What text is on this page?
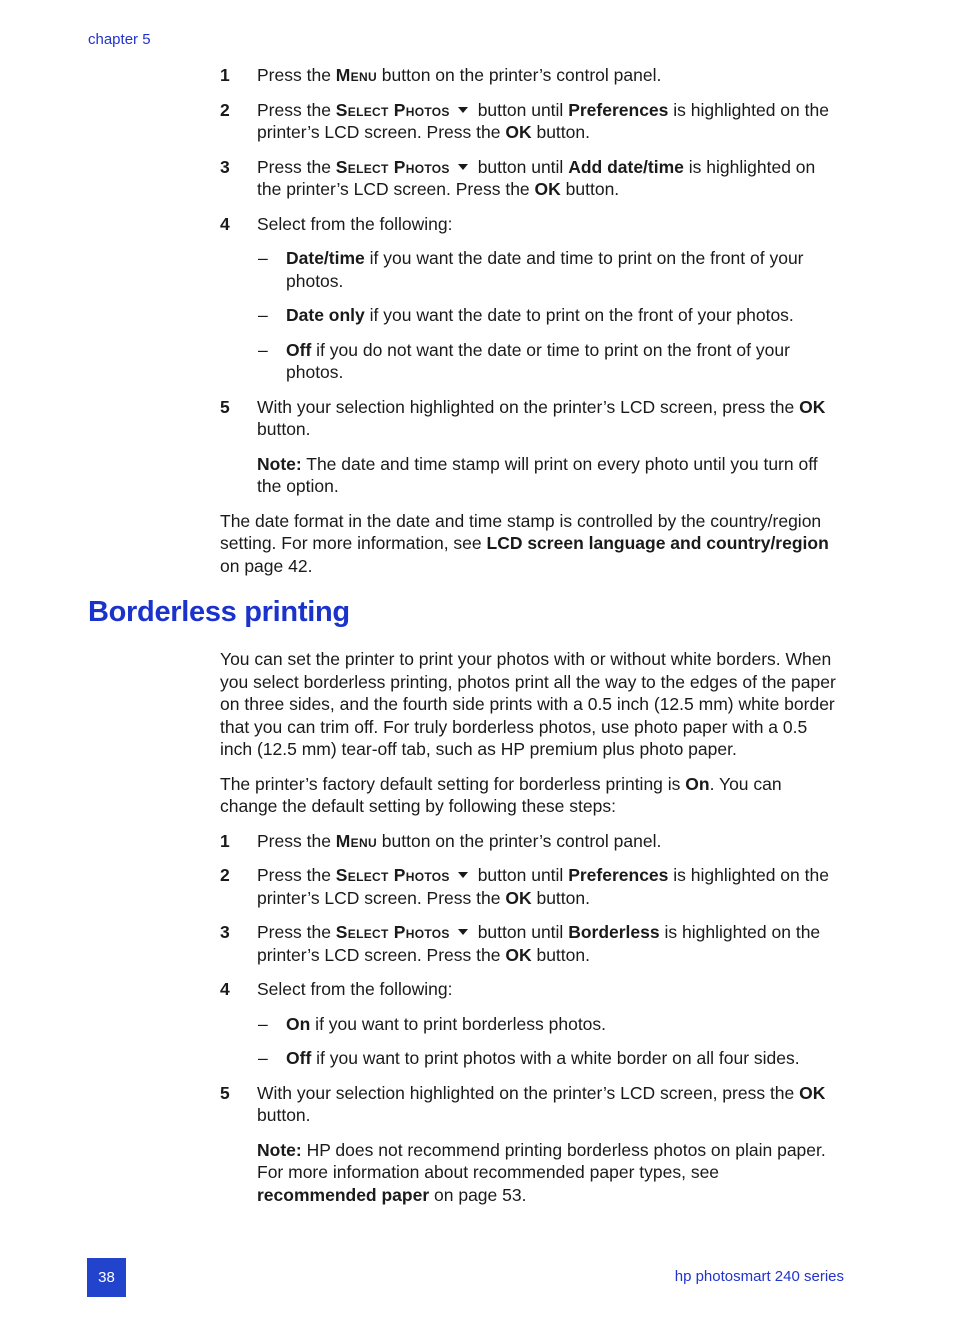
chapter 5
1 Press the Menu button on the printer’s control panel.
2 Press the Select Photos button until Preferences is highlighted on the printer’s LCD screen. Press the OK button.
3 Press the Select Photos button until Add date/time is highlighted on the printer’s LCD screen. Press the OK button.
4 Select from the following:
– Date/time if you want the date and time to print on the front of your photos.
– Date only if you want the date to print on the front of your photos.
– Off if you do not want the date or time to print on the front of your photos.
5 With your selection highlighted on the printer’s LCD screen, press the OK button.
Note: The date and time stamp will print on every photo until you turn off the option.
The date format in the date and time stamp is controlled by the country/region setting. For more information, see LCD screen language and country/region on page 42.
Borderless printing
You can set the printer to print your photos with or without white borders. When you select borderless printing, photos print all the way to the edges of the paper on three sides, and the fourth side prints with a 0.5 inch (12.5 mm) white border that you can trim off. For truly borderless photos, use photo paper with a 0.5 inch (12.5 mm) tear-off tab, such as HP premium plus photo paper.
The printer’s factory default setting for borderless printing is On. You can change the default setting by following these steps:
1 Press the Menu button on the printer’s control panel.
2 Press the Select Photos button until Preferences is highlighted on the printer’s LCD screen. Press the OK button.
3 Press the Select Photos button until Borderless is highlighted on the printer’s LCD screen. Press the OK button.
4 Select from the following:
– On if you want to print borderless photos.
– Off if you want to print photos with a white border on all four sides.
5 With your selection highlighted on the printer’s LCD screen, press the OK button.
Note: HP does not recommend printing borderless photos on plain paper. For more information about recommended paper types, see recommended paper on page 53.
38	hp photosmart 240 series
